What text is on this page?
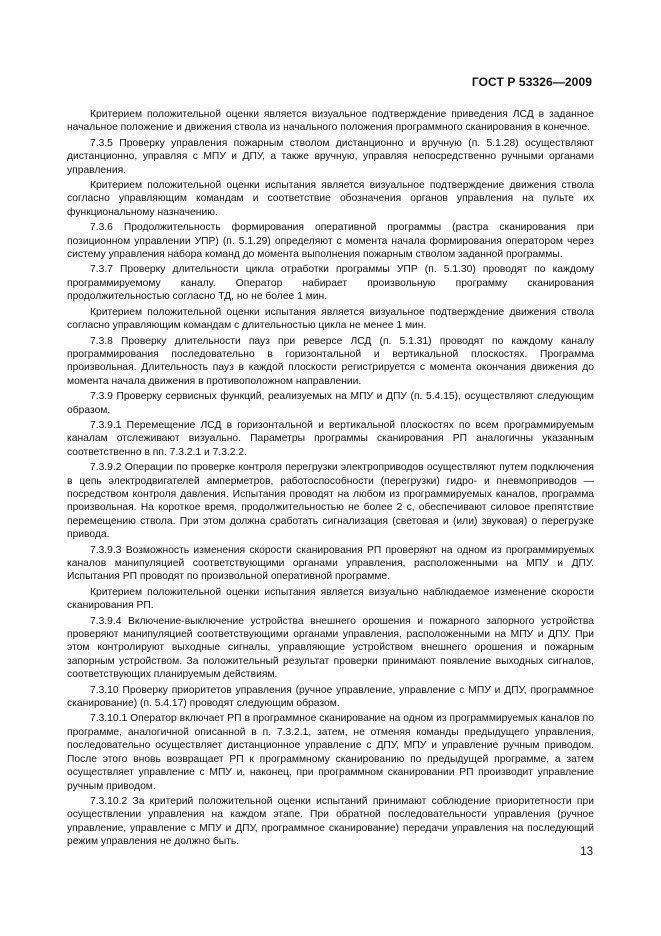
ГОСТ Р 53326—2009

Критерием положительной оценки является визуальное подтверждение приведения ЛСД в заданное начальное положение и движения ствола из начального положения программного сканирования в конечное.

7.3.5 Проверку управления пожарным стволом дистанционно и вручную (п. 5.1.28) осуществляют дистанционно, управляя с МПУ и ДПУ, а также вручную, управляя непосредственно ручными органами управления.

Критерием положительной оценки испытания является визуальное подтверждение движения ствола согласно управляющим командам и соответствие обозначения органов управления на пульте их функциональному назначению.

7.3.6 Продолжительность формирования оперативной программы (растра сканирования при позиционном управлении УПР) (п. 5.1.29) определяют с момента начала формирования оператором через систему управления набора команд до момента выполнения пожарным стволом заданной программы.

7.3.7 Проверку длительности цикла отработки программы УПР (п. 5.1.30) проводят по каждому программируемому каналу. Оператор набирает произвольную программу сканирования продолжительностью согласно ТД, но не более 1 мин.

Критерием положительной оценки испытания является визуальное подтверждение движения ствола согласно управляющим командам с длительностью цикла не менее 1 мин.

7.3.8 Проверку длительности пауз при реверсе ЛСД (п. 5.1.31) проводят по каждому каналу программирования последовательно в горизонтальной и вертикальной плоскостях. Программа произвольная. Длительность пауз в каждой плоскости регистрируется с момента окончания движения до момента начала движения в противоположном направлении.

7.3.9 Проверку сервисных функций, реализуемых на МПУ и ДПУ (п. 5.4.15), осуществляют следующим образом.

7.3.9.1 Перемещение ЛСД в горизонтальной и вертикальной плоскостях по всем программируемым каналам отслеживают визуально. Параметры программы сканирования РП аналогичны указанным соответственно в пп. 7.3.2.1 и 7.3.2.2.

7.3.9.2 Операции по проверке контроля перегрузки электроприводов осуществляют путем подключения в цепь электродвигателей амперметров, работоспособности (перегрузки) гидро- и пневмоприводов — посредством контроля давления. Испытания проводят на любом из программируемых каналов, программа произвольная. На короткое время, продолжительностью не более 2 с, обеспечивают силовое препятствие перемещению ствола. При этом должна сработать сигнализация (световая и (или) звуковая) о перегрузке привода.

7.3.9.3 Возможность изменения скорости сканирования РП проверяют на одном из программируемых каналов манипуляцией соответствующими органами управления, расположенными на МПУ и ДПУ. Испытания РП проводят по произвольной оперативной программе.

Критерием положительной оценки испытания является визуально наблюдаемое изменение скорости сканирования РП.

7.3.9.4 Включение-выключение устройства внешнего орошения и пожарного запорного устройства проверяют манипуляцией соответствующими органами управления, расположенными на МПУ и ДПУ. При этом контролируют выходные сигналы, управляющие устройством внешнего орошения и пожарным запорным устройством. За положительный результат проверки принимают появление выходных сигналов, соответствующих планируемым действиям.

7.3.10 Проверку приоритетов управления (ручное управление, управление с МПУ и ДПУ, программное сканирование) (п. 5.4.17) проводят следующим образом.

7.3.10.1 Оператор включает РП в программное сканирование на одном из программируемых каналов по программе, аналогичной описанной в п. 7.3.2.1, затем, не отменяя команды предыдущего управления, последовательно осуществляет дистанционное управление с ДПУ, МПУ и управление ручным приводом. После этого вновь возвращает РП к программному сканированию по предыдущей программе, а затем осуществляет управление с МПУ и, наконец, при программном сканировании РП производит управление ручным приводом.

7.3.10.2 За критерий положительной оценки испытаний принимают соблюдение приоритетности при осуществлении управления на каждом этапе. При обратной последовательности управления (ручное управление, управление с МПУ и ДПУ, программное сканирование) передачи управления на последующий режим управления не должно быть.

13
